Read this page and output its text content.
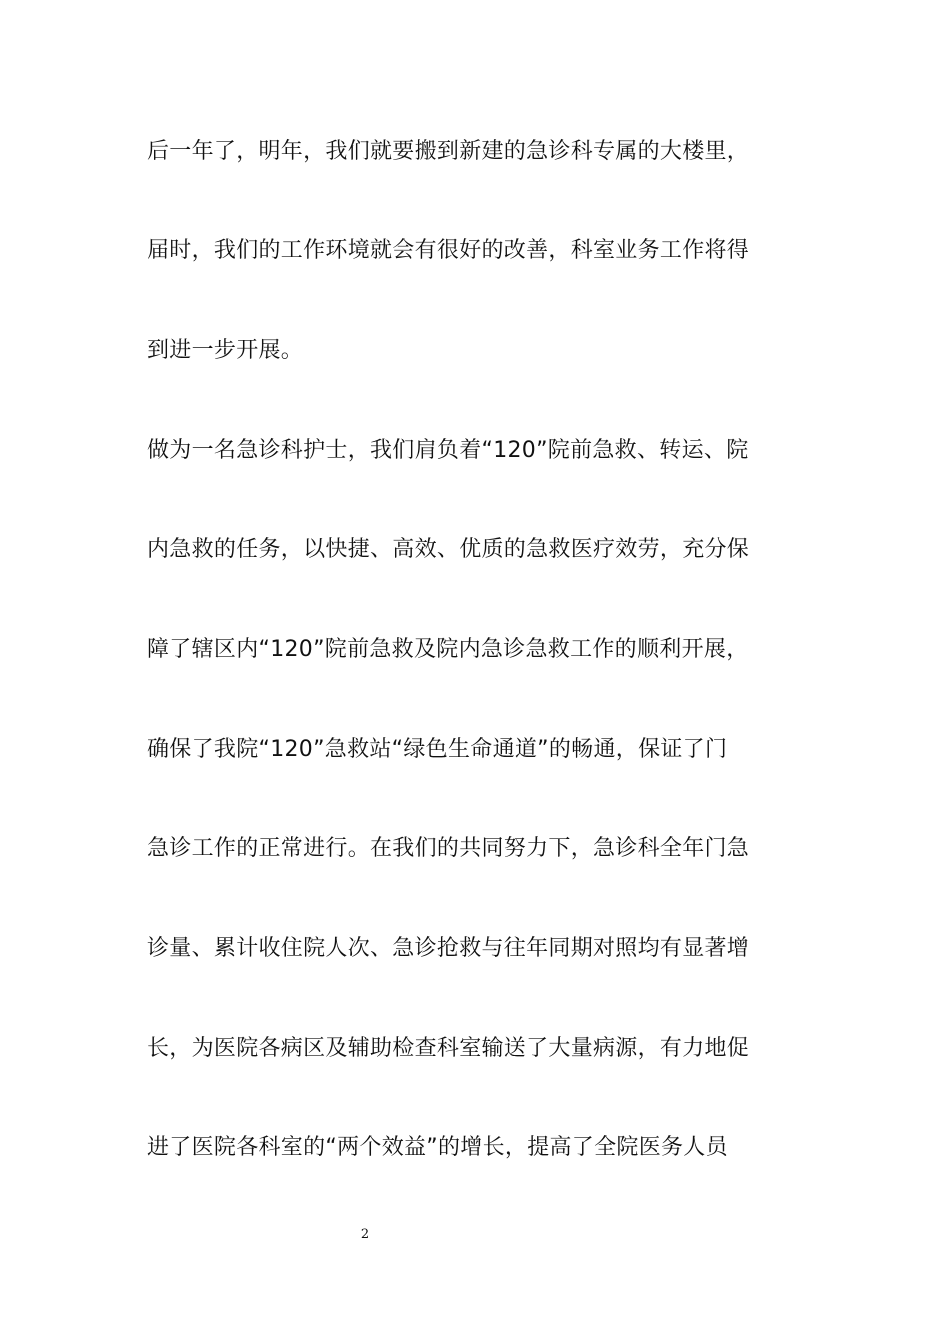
后一年了，明年，我们就要搬到新建的急诊科专属的大楼里，
届时，我们的工作环境就会有很好的改善，科室业务工作将得
到进一步开展。
做为一名急诊科护士，我们肩负着“120”院前急救、转运、院
内急救的任务，以快捷、高效、优质的急救医疗效劳，充分保
障了辖区内“120”院前急救及院内急诊急救工作的顺利开展，
确保了我院“120”急救站“绿色生命通道”的畅通，保证了门
急诊工作的正常进行。在我们的共同努力下，急诊科全年门急
诊量、累计收住院人次、急诊抢救与往年同期对照均有显著增
长，为医院各病区及辅助检查科室输送了大量病源，有力地促
进了医院各科室的“两个效益”的增长，提高了全院医务人员
2
